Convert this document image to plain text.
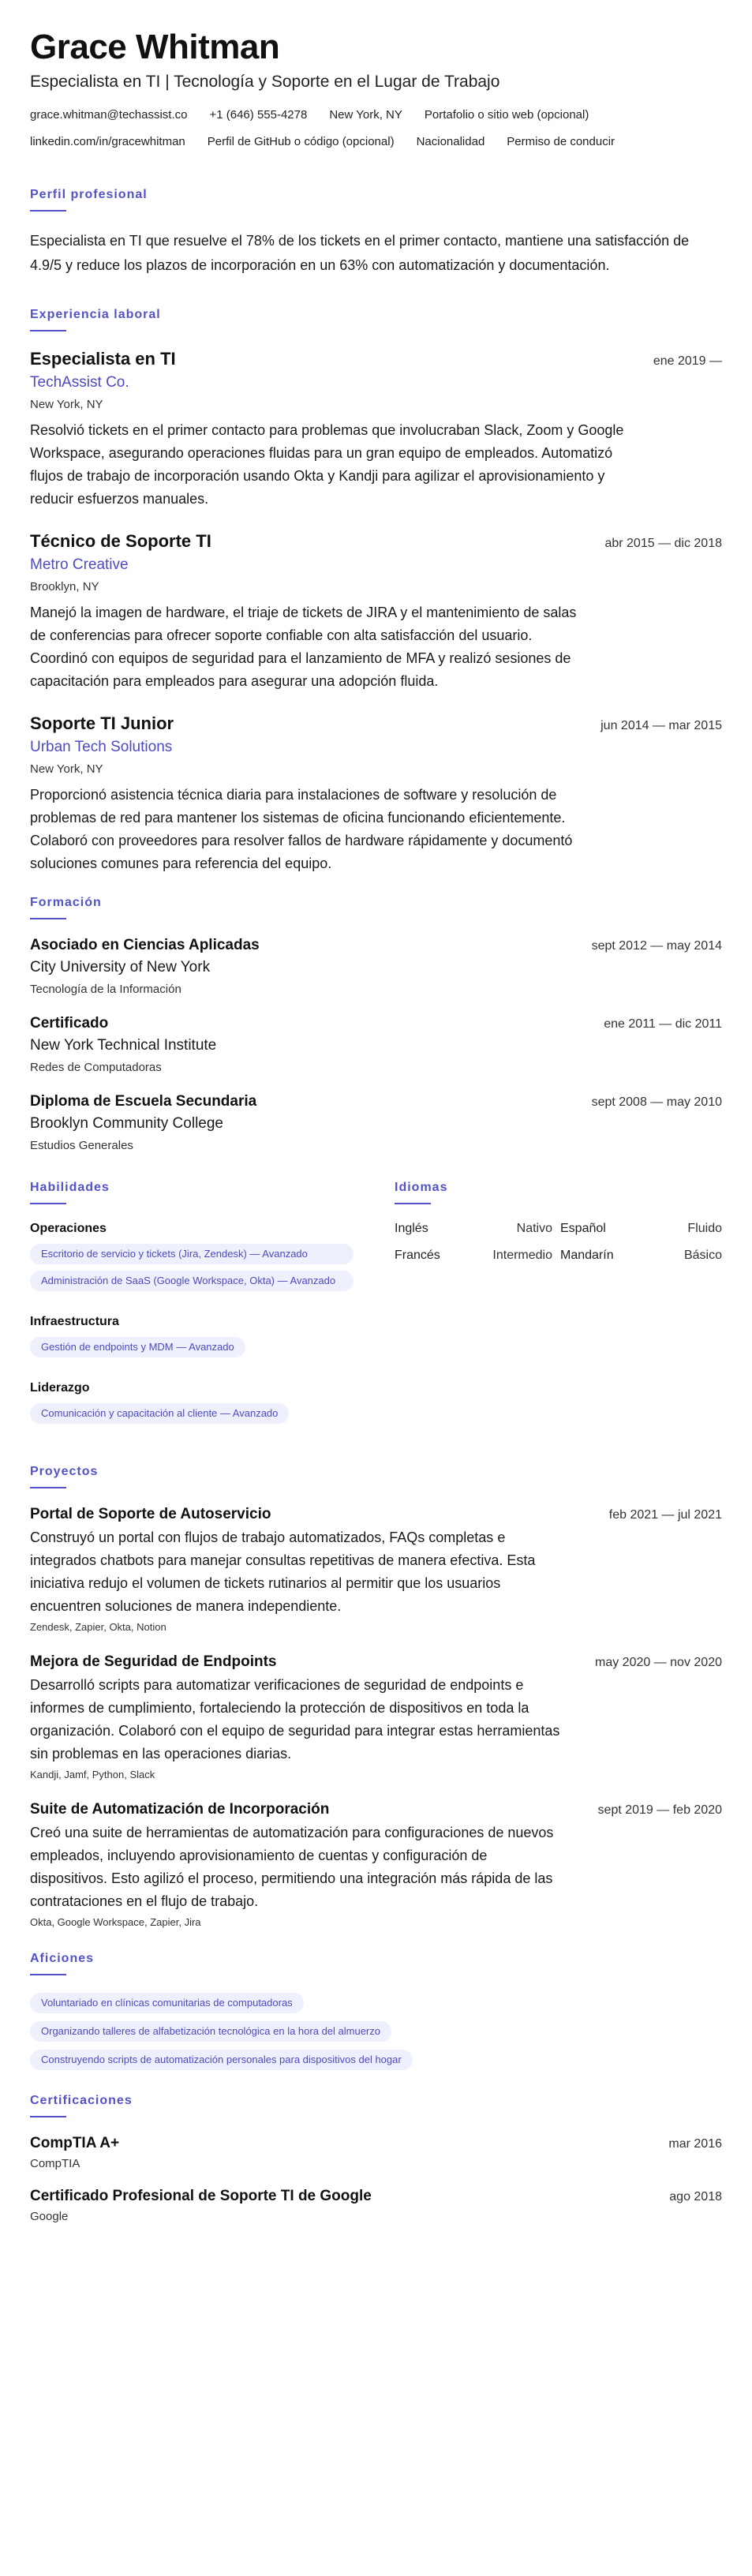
Grace Whitman
Especialista en TI | Tecnología y Soporte en el Lugar de Trabajo
grace.whitman@techassist.co +1 (646) 555-4278 New York, NY Portafolio o sitio web (opcional)
linkedin.com/in/gracewhitman Perfil de GitHub o código (opcional) Nacionalidad Permiso de conducir
Perfil profesional

Especialista en TI que resuelve el 78% de los tickets en el primer contacto, mantiene una satisfacción de 4.9/5 y reduce los plazos de incorporación en un 63% con automatización y documentación.

Experiencia laboral
Especialista en TI	ene 2019 —
TechAssist Co.
New York, NY

Resolvió tickets en el primer contacto para problemas que involucraban Slack, Zoom y Google Workspace, asegurando operaciones fluidas para un gran equipo de empleados. Automatizó flujos de trabajo de incorporación usando Okta y Kandji para agilizar el aprovisionamiento y reducir esfuerzos manuales.

Técnico de Soporte TI	abr 2015 — dic 2018
Metro Creative
Brooklyn, NY

Manejó la imagen de hardware, el triaje de tickets de JIRA y el mantenimiento de salas de conferencias para ofrecer soporte confiable con alta satisfacción del usuario. Coordinó con equipos de seguridad para el lanzamiento de MFA y realizó sesiones de capacitación para empleados para asegurar una adopción fluida.

Soporte TI Junior	jun 2014 — mar 2015
Urban Tech Solutions
New York, NY

Proporcionó asistencia técnica diaria para instalaciones de software y resolución de problemas de red para mantener los sistemas de oficina funcionando eficientemente. Colaboró con proveedores para resolver fallos de hardware rápidamente y documentó soluciones comunes para referencia del equipo.

Formación
Asociado en Ciencias Aplicadas	sept 2012 — may 2014
City University of New York
Tecnología de la Información
Certificado	ene 2011 — dic 2011
New York Technical Institute
Redes de Computadoras
Diploma de Escuela Secundaria	sept 2008 — may 2010
Brooklyn Community College
Estudios Generales
Habilidades
Operaciones
Escritorio de servicio y tickets (Jira, Zendesk) — Avanzado Administración de SaaS (Google Workspace, Okta) — Avanzado
Infraestructura
Gestión de endpoints y MDM — Avanzado
Liderazgo
Comunicación y capacitación al cliente — Avanzado
Idiomas
Inglés	Nativo Español	Fluido
Francés	Intermedio Mandarín	Básico
Proyectos
Portal de Soporte de Autoservicio	feb 2021 — jul 2021

Construyó un portal con flujos de trabajo automatizados, FAQs completas e integrados chatbots para manejar consultas repetitivas de manera efectiva. Esta iniciativa redujo el volumen de tickets rutinarios al permitir que los usuarios encuentren soluciones de manera independiente.

Zendesk, Zapier, Okta, Notion
Mejora de Seguridad de Endpoints	may 2020 — nov 2020

Desarrolló scripts para automatizar verificaciones de seguridad de endpoints e informes de cumplimiento, fortaleciendo la protección de dispositivos en toda la organización. Colaboró con el equipo de seguridad para integrar estas herramientas sin problemas en las operaciones diarias.

Kandji, Jamf, Python, Slack
Suite de Automatización de Incorporación	sept 2019 — feb 2020

Creó una suite de herramientas de automatización para configuraciones de nuevos empleados, incluyendo aprovisionamiento de cuentas y configuración de dispositivos. Esto agilizó el proceso, permitiendo una integración más rápida de las contrataciones en el flujo de trabajo.

Okta, Google Workspace, Zapier, Jira
Aficiones
Voluntariado en clínicas comunitarias de computadoras
Organizando talleres de alfabetización tecnológica en la hora del almuerzo
Construyendo scripts de automatización personales para dispositivos del hogar
Certificaciones
CompTIA A+	mar 2016
CompTIA
Certificado Profesional de Soporte TI de Google	ago 2018
Google
